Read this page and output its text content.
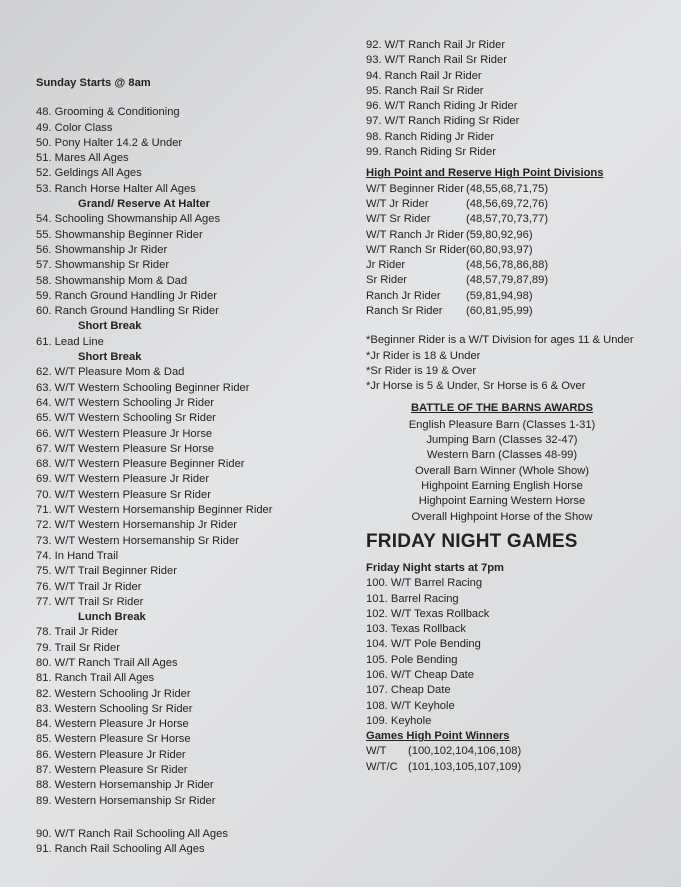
Sunday Starts @ 8am
48. Grooming & Conditioning
49. Color Class
50. Pony Halter 14.2 & Under
51. Mares All Ages
52. Geldings All Ages
53. Ranch Horse Halter All Ages
Grand/ Reserve At Halter
54. Schooling Showmanship All Ages
55. Showmanship Beginner Rider
56. Showmanship Jr Rider
57. Showmanship Sr Rider
58. Showmanship Mom & Dad
59. Ranch Ground Handling Jr Rider
60. Ranch Ground Handling Sr Rider
Short Break
61. Lead Line
Short Break
62. W/T Pleasure Mom & Dad
63. W/T Western Schooling Beginner Rider
64. W/T Western Schooling Jr Rider
65. W/T Western Schooling Sr Rider
66. W/T Western Pleasure Jr Horse
67. W/T Western Pleasure Sr Horse
68. W/T Western Pleasure Beginner Rider
69. W/T Western Pleasure Jr Rider
70. W/T Western Pleasure Sr Rider
71. W/T Western Horsemanship Beginner Rider
72. W/T Western Horsemanship Jr Rider
73. W/T Western Horsemanship Sr Rider
74. In Hand Trail
75. W/T Trail Beginner Rider
76. W/T Trail Jr Rider
77. W/T Trail Sr Rider
Lunch Break
78. Trail Jr Rider
79. Trail Sr Rider
80. W/T Ranch Trail All Ages
81. Ranch Trail All Ages
82. Western Schooling Jr Rider
83. Western Schooling Sr Rider
84. Western Pleasure Jr Horse
85. Western Pleasure Sr Horse
86. Western Pleasure Jr Rider
87. Western Pleasure Sr Rider
88. Western Horsemanship Jr Rider
89. Western Horsemanship Sr Rider
90. W/T Ranch Rail Schooling All Ages
91. Ranch Rail Schooling All Ages
92. W/T Ranch Rail Jr Rider
93. W/T Ranch Rail Sr Rider
94. Ranch Rail Jr Rider
95. Ranch Rail Sr Rider
96. W/T Ranch Riding Jr Rider
97. W/T Ranch Riding Sr Rider
98. Ranch Riding Jr Rider
99. Ranch Riding Sr Rider
High Point and Reserve High Point Divisions
W/T Beginner Rider (48,55,68,71,75)
W/T Jr Rider	(48,56,69,72,76)
W/T Sr Rider	(48,57,70,73,77)
W/T Ranch Jr Rider (59,80,92,96)
W/T Ranch Sr Rider (60,80,93,97)
Jr Rider	(48,56,78,86,88)
Sr Rider	(48,57,79,87,89)
Ranch Jr Rider	(59,81,94,98)
Ranch Sr Rider	(60,81,95,99)
*Beginner Rider is a W/T Division for ages 11 & Under
*Jr Rider is 18 & Under
*Sr Rider is 19 & Over
*Jr Horse is 5 & Under, Sr Horse is 6 & Over
BATTLE OF THE BARNS AWARDS
English Pleasure Barn (Classes 1-31)
Jumping Barn (Classes 32-47)
Western Barn (Classes 48-99)
Overall Barn Winner (Whole Show)
Highpoint Earning English Horse
Highpoint Earning Western Horse
Overall Highpoint Horse of the Show
FRIDAY NIGHT GAMES
Friday Night starts at 7pm
100. W/T Barrel Racing
101. Barrel Racing
102. W/T Texas Rollback
103. Texas Rollback
104. W/T Pole Bending
105. Pole Bending
106. W/T Cheap Date
107. Cheap Date
108. W/T Keyhole
109. Keyhole
Games High Point Winners
W/T	(100,102,104,106,108)
W/T/C (101,103,105,107,109)
